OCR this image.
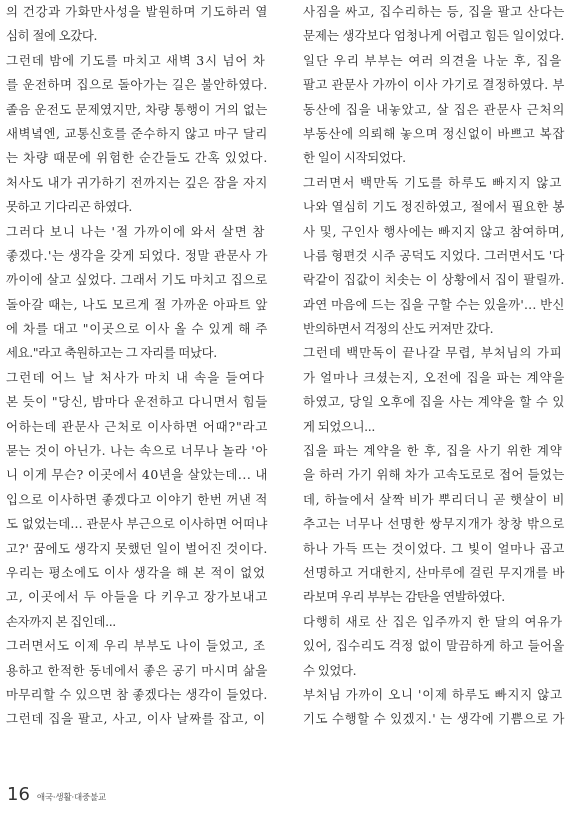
의 건강과 가화만사성을 발원하며 기도하러 열
심히 절에 오갔다.
그런데 밤에 기도를 마치고 새벽 3시 넘어 차
를 운전하며 집으로 돌아가는 길은 불안하였다.
졸음 운전도 문제였지만, 차량 통행이 거의 없는
새벽녘엔, 교통신호를 준수하지 않고 마구 달리
는 차량 때문에 위험한 순간들도 간혹 있었다.
처사도 내가 귀가하기 전까지는 깊은 잠을 자지
못하고 기다리곤 하였다.
그러다 보니 나는 '절 가까이에 와서 살면 참
좋겠다.'는 생각을 갖게 되었다. 정말 관문사 가
까이에 살고 싶었다. 그래서 기도 마치고 집으로
돌아갈 때는, 나도 모르게 절 가까운 아파트 앞
에 차를 대고 "이곳으로 이사 올 수 있게 해 주
세요."라고 축원하고는 그 자리를 떠났다.
그런데 어느 날 처사가 마치 내 속을 들여다
본 듯이 "당신, 밤마다 운전하고 다니면서 힘들
어하는데 관문사 근처로 이사하면 어때?"라고
묻는 것이 아닌가. 나는 속으로 너무나 놀라 '아
니 이게 무슨? 이곳에서 40년을 살았는데... 내
입으로 이사하면 좋겠다고 이야기 한번 꺼낸 적
도 없었는데... 관문사 부근으로 이사하면 어떠냐
고?' 꿈에도 생각지 못했던 일이 벌어진 것이다.
우리는 평소에도 이사 생각을 해 본 적이 없었
고, 이곳에서 두 아들을 다 키우고 장가보내고
손자까지 본 집인데...
그러면서도 이제 우리 부부도 나이 들었고, 조
용하고 한적한 동네에서 좋은 공기 마시며 삶을
마무리할 수 있으면 참 좋겠다는 생각이 들었다.
그런데 집을 팔고, 사고, 이사 날짜를 잡고, 이
사짐을 싸고, 집수리하는 등, 집을 팔고 산다는
문제는 생각보다 엄청나게 어렵고 힘든 일이었다.
일단 우리 부부는 여러 의견을 나눈 후, 집을
팔고 관문사 가까이 이사 가기로 결정하였다. 부
동산에 집을 내놓았고, 살 집은 관문사 근처의
부동산에 의뢰해 놓으며 정신없이 바쁘고 복잡
한 일이 시작되었다.
그러면서 백만독 기도를 하루도 빠지지 않고
나와 열심히 기도 정진하였고, 절에서 필요한 봉
사 및, 구인사 행사에는 빠지지 않고 참여하며,
나름 형편것 시주 공덕도 지었다. 그러면서도 '다
락같이 집값이 치솟는 이 상황에서 집이 팔릴까.
과연 마음에 드는 집을 구할 수는 있을까'... 반신
반의하면서 걱정의 산도 커져만 갔다.
그런데 백만독이 끝나갈 무렵, 부처님의 가피
가 얼마나 크셨는지, 오전에 집을 파는 계약을
하였고, 당일 오후에 집을 사는 계약을 할 수 있
게 되었으니...
집을 파는 계약을 한 후, 집을 사기 위한 계약
을 하러 가기 위해 차가 고속도로로 접어 들었는
데, 하늘에서 살짝 비가 뿌리더니 곧 햇살이 비
추고는 너무나 선명한 쌍무지개가 창창 밖으로
하나 가득 뜨는 것이었다. 그 빛이 얼마나 곱고
선명하고 거대한지, 산마루에 걸린 무지개를 바
라보며 우리 부부는 감탄을 연발하였다.
다행히 새로 산 집은 입주까지 한 달의 여유가
있어, 집수리도 걱정 없이 말끔하게 하고 들어올
수 있었다.
부처님 가까이 오니 '이제 하루도 빠지지 않고
기도 수행할 수 있겠지.' 는 생각에 기쁨으로 가
16 애국·생활·대중불교
